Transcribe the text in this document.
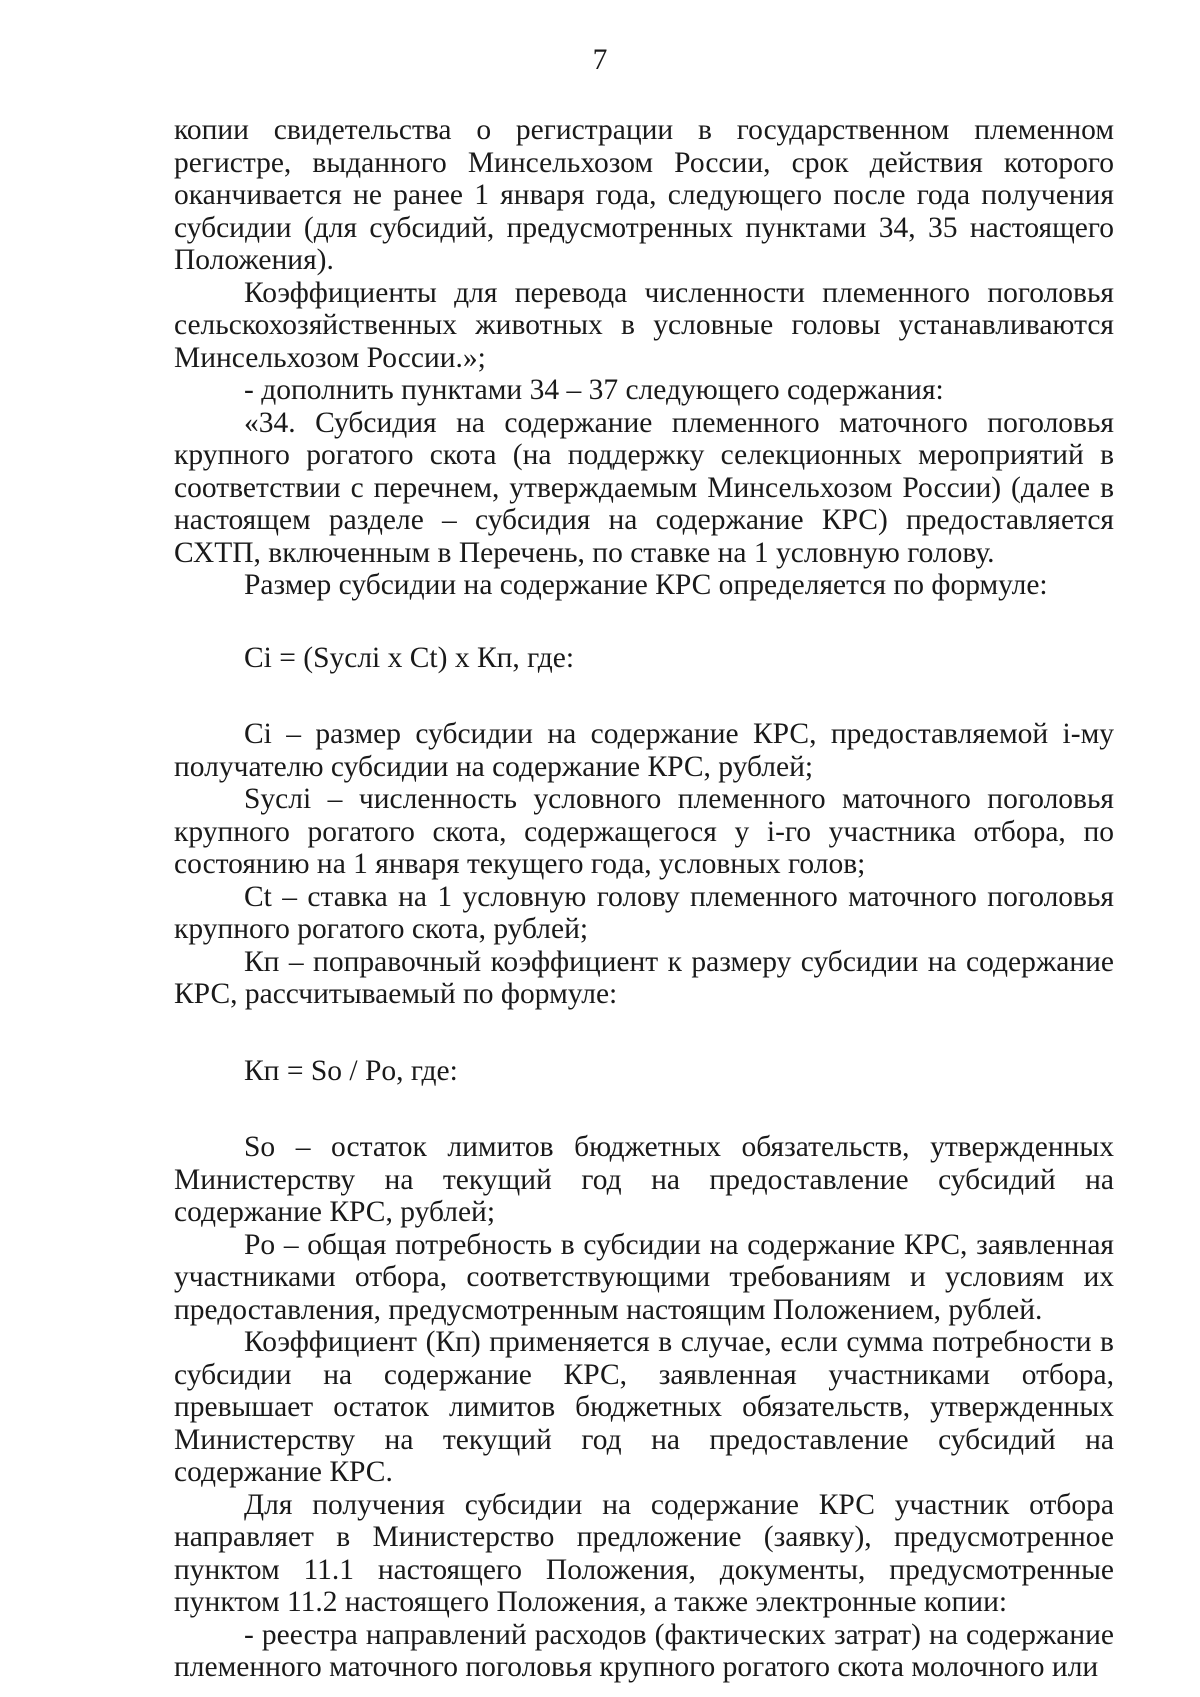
7

копии свидетельства о регистрации в государственном племенном регистре, выданного Минсельхозом России, срок действия которого оканчивается не ранее 1 января года, следующего после года получения субсидии (для субсидий, предусмотренных пунктами 34, 35 настоящего Положения).

Коэффициенты для перевода численности племенного поголовья сельскохозяйственных животных в условные головы устанавливаются Минсельхозом России.»;

- дополнить пунктами 34 – 37 следующего содержания:

«34. Субсидия на содержание племенного маточного поголовья крупного рогатого скота (на поддержку селекционных мероприятий в соответствии с перечнем, утверждаемым Минсельхозом России) (далее в настоящем разделе – субсидия на содержание КРС) предоставляется СХТП, включенным в Перечень, по ставке на 1 условную голову.

Размер субсидии на содержание КРС определяется по формуле:

Ci = (Sуслi x Ct) x Кп, где:

Ci – размер субсидии на содержание КРС, предоставляемой i-му получателю субсидии на содержание КРС, рублей;

Sуслi – численность условного племенного маточного поголовья крупного рогатого скота, содержащегося у i-го участника отбора, по состоянию на 1 января текущего года, условных голов;

Ct – ставка на 1 условную голову племенного маточного поголовья крупного рогатого скота, рублей;

Кп – поправочный коэффициент к размеру субсидии на содержание КРС, рассчитываемый по формуле:

Кп = So / Pо, где:

So – остаток лимитов бюджетных обязательств, утвержденных Министерству на текущий год на предоставление субсидий на содержание КРС, рублей;

Pо – общая потребность в субсидии на содержание КРС, заявленная участниками отбора, соответствующими требованиям и условиям их предоставления, предусмотренным настоящим Положением, рублей.

Коэффициент (Кп) применяется в случае, если сумма потребности в субсидии на содержание КРС, заявленная участниками отбора, превышает остаток лимитов бюджетных обязательств, утвержденных Министерству на текущий год на предоставление субсидий на содержание КРС.

Для получения субсидии на содержание КРС участник отбора направляет в Министерство предложение (заявку), предусмотренное пунктом 11.1 настоящего Положения, документы, предусмотренные пунктом 11.2 настоящего Положения, а также электронные копии:

- реестра направлений расходов (фактических затрат) на содержание племенного маточного поголовья крупного рогатого скота молочного или
